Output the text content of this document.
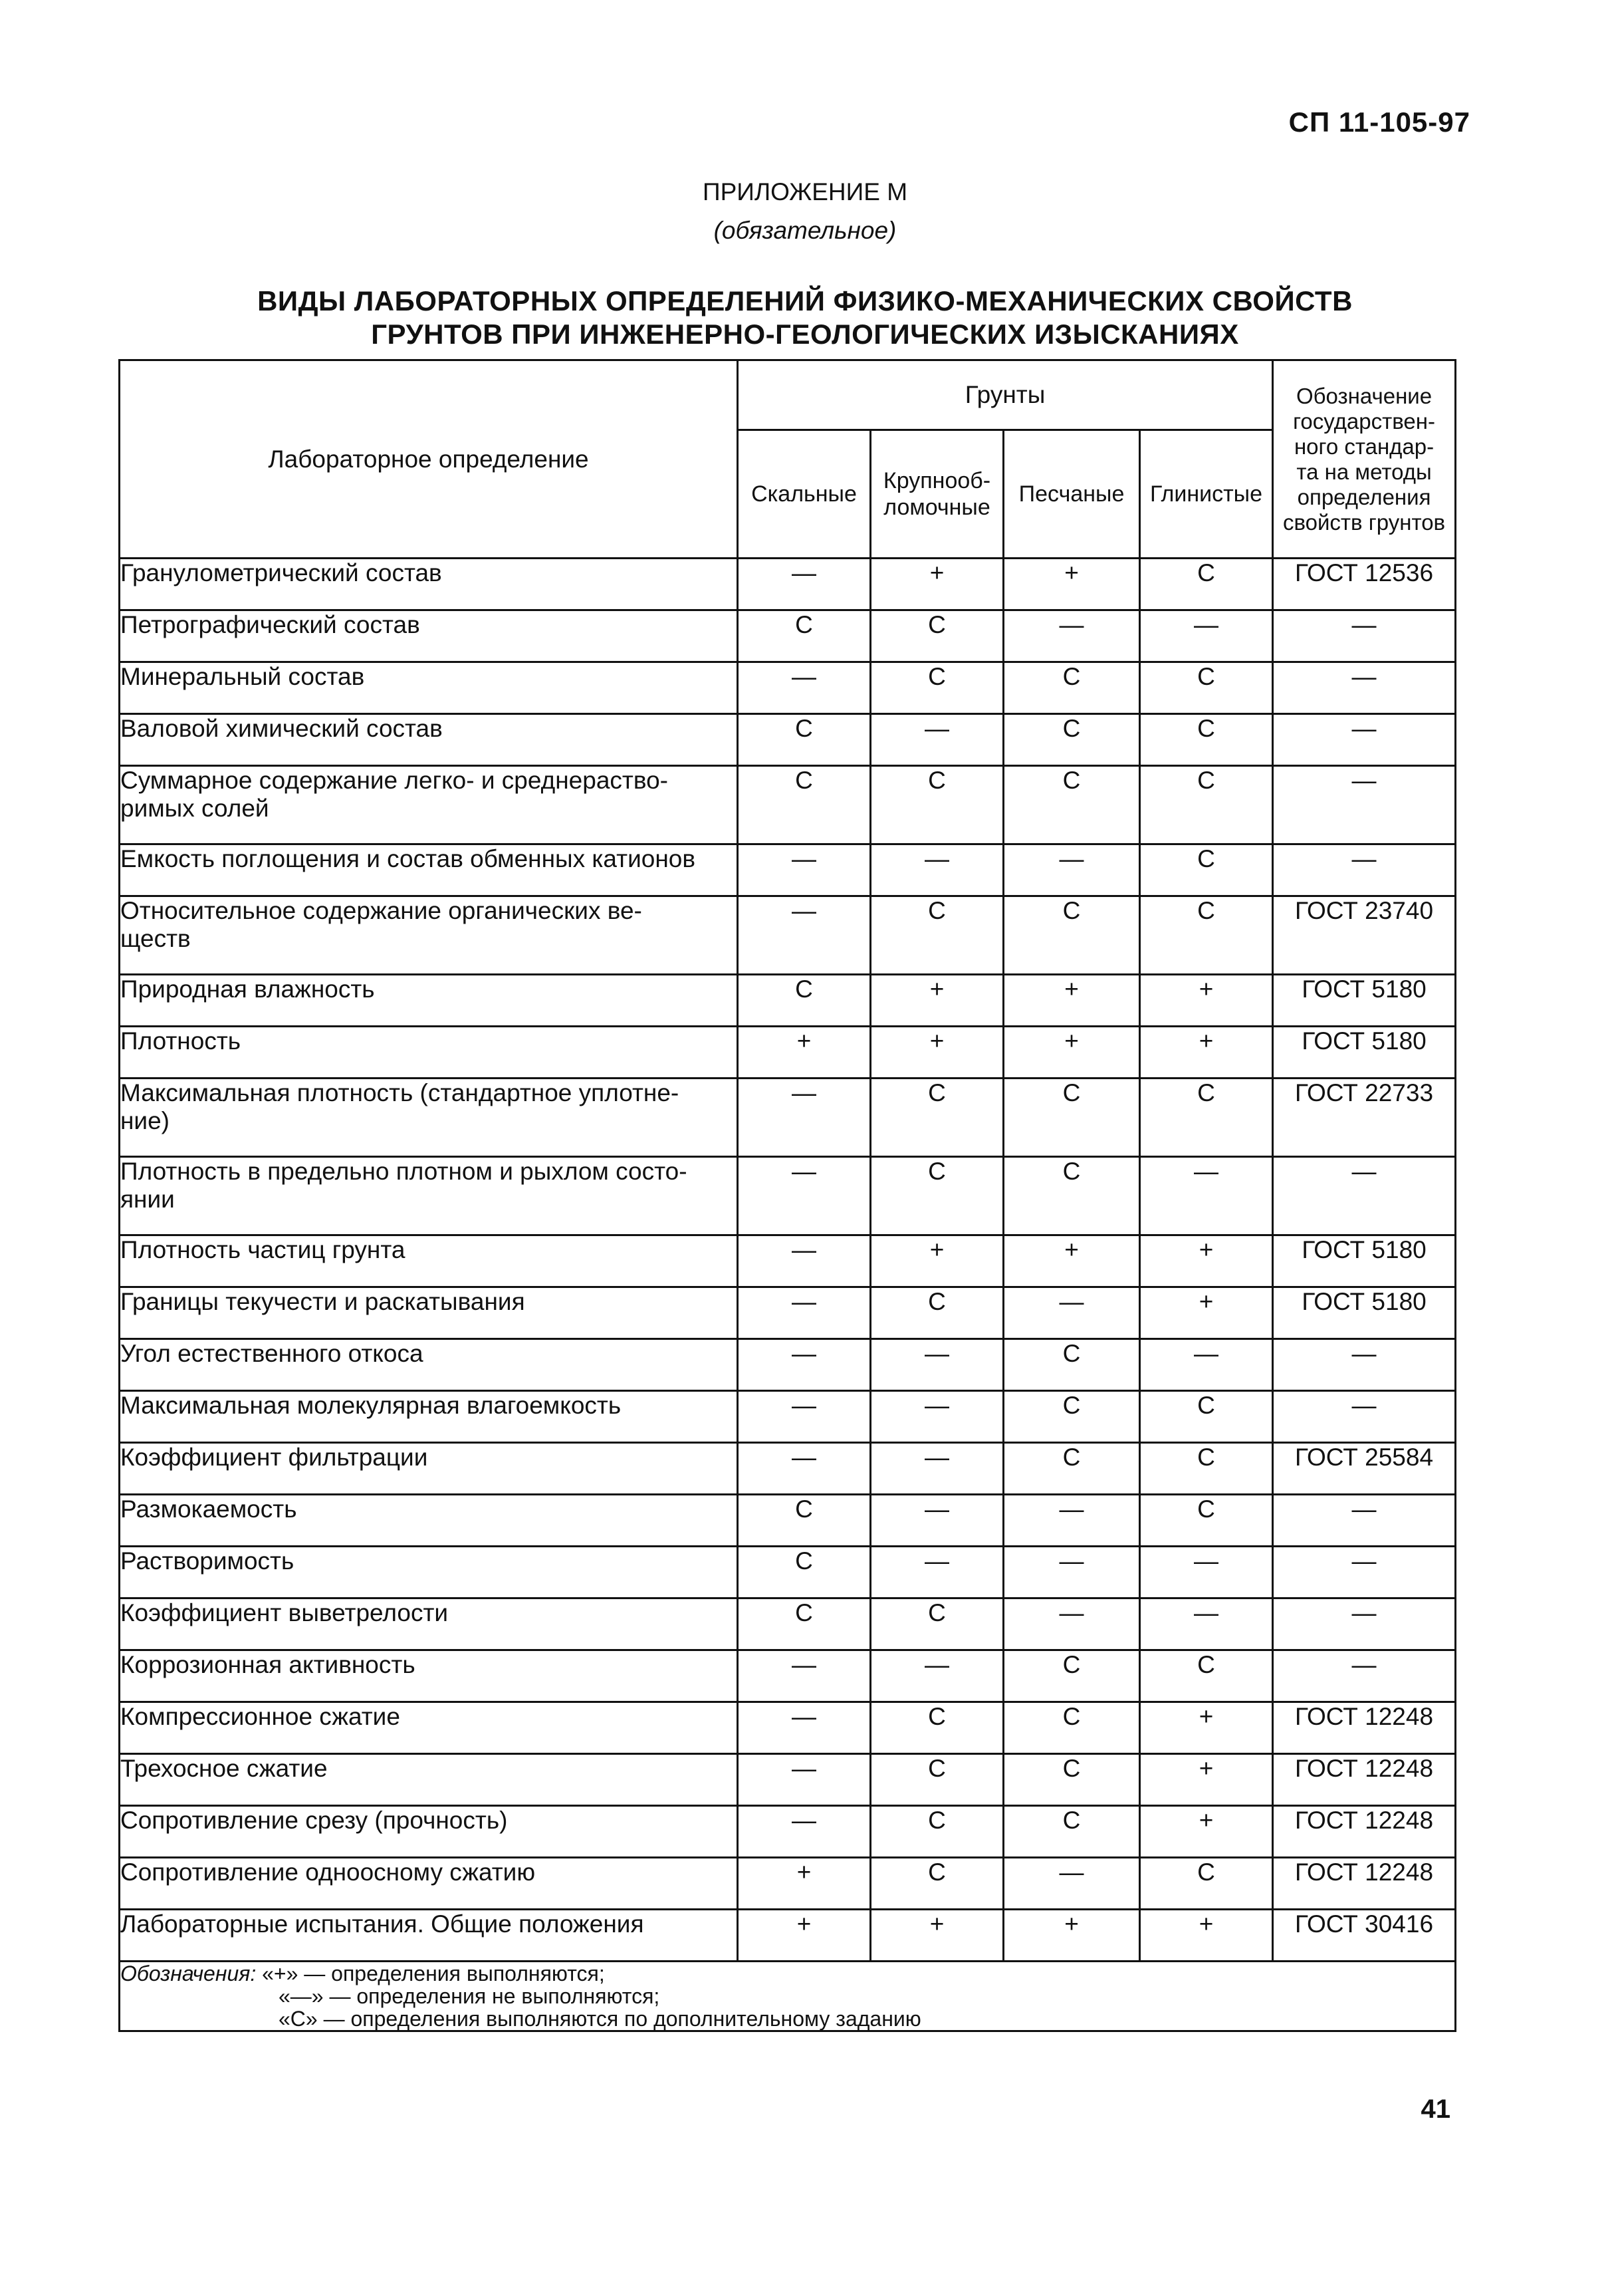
СП 11-105-97
ПРИЛОЖЕНИЕ М
(обязательное)
ВИДЫ ЛАБОРАТОРНЫХ ОПРЕДЕЛЕНИЙ ФИЗИКО-МЕХАНИЧЕСКИХ СВОЙСТВ
ГРУНТОВ ПРИ ИНЖЕНЕРНО-ГЕОЛОГИЧЕСКИХ ИЗЫСКАНИЯХ
Лабораторное определение	Грунты				Обозначение государствен-
ного стандар-
та на методы определения свойств грунтов
	Скальные	Крупнооб-
ломочные	Песчаные	Глинистые	
Гранулометрический состав	—	+	+	С	ГОСТ 12536
Петрографический состав	С	С	—	—	—
Минеральный состав	—	С	С	С	—
Валовой химический состав	С	—	С	С	—
Суммарное содержание легко- и среднераство-
римых солей	С	С	С	С	—
Емкость поглощения и состав обменных катионов	—	—	—	С	—
Относительное содержание органических ве-
ществ	—	С	С	С	ГОСТ 23740
Природная влажность	С	+	+	+	ГОСТ 5180
Плотность	+	+	+	+	ГОСТ 5180
Максимальная плотность (стандартное уплотне-
ние)	—	С	С	С	ГОСТ 22733
Плотность в предельно плотном и рыхлом состо-
янии	—	С	С	—	—
Плотность частиц грунта	—	+	+	+	ГОСТ 5180
Границы текучести и раскатывания	—	С	—	+	ГОСТ 5180
Угол естественного откоса	—	—	С	—	—
Максимальная молекулярная влагоемкость	—	—	С	С	—
Коэффициент фильтрации	—	—	С	С	ГОСТ 25584
Размокаемость	С	—	—	С	—
Растворимость	С	—	—	—	—
Коэффициент выветрелости	С	С	—	—	—
Коррозионная активность	—	—	С	С	—
Компрессионное сжатие	—	С	С	+	ГОСТ 12248
Трехосное сжатие	—	С	С	+	ГОСТ 12248
Сопротивление срезу (прочность)	—	С	С	+	ГОСТ 12248
Сопротивление одноосному сжатию	+	С	—	С	ГОСТ 12248
Лабораторные испытания. Общие положения	+	+	+	+	ГОСТ 30416

Обозначения: «+» — определения выполняются;
«—» — определения не выполняются;
«С» — определения выполняются по дополнительному заданию					
41
